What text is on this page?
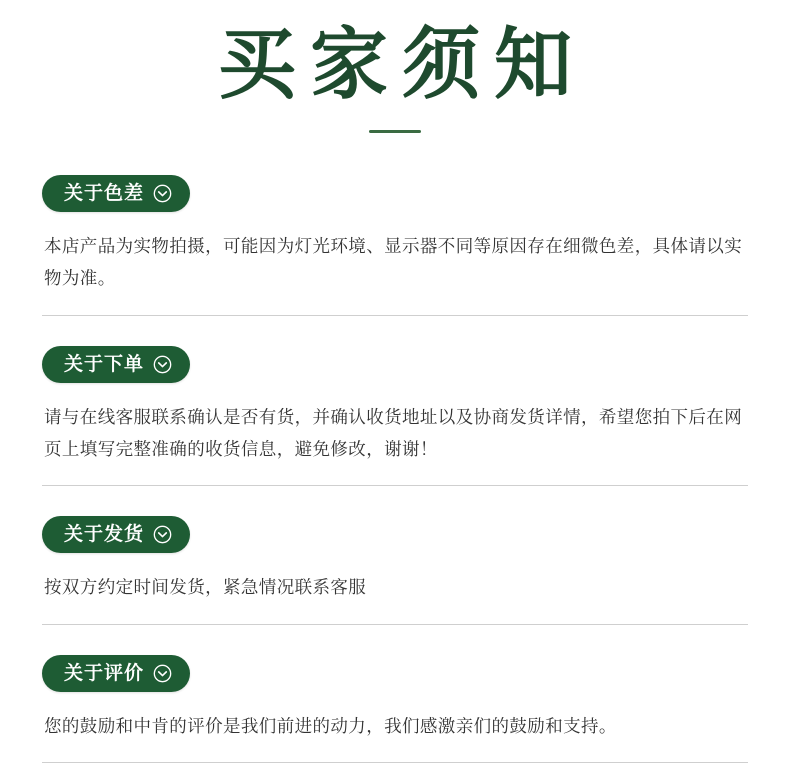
买家须知
关于色差

本店产品为实物拍摄，可能因为灯光环境、显示器不同等原因存在细微色差，具体请以实物为准。

关于下单

请与在线客服联系确认是否有货，并确认收货地址以及协商发货详情，希望您拍下后在网页上填写完整准确的收货信息，避免修改，谢谢！

关于发货

按双方约定时间发货，紧急情况联系客服

关于评价

您的鼓励和中肯的评价是我们前进的动力，我们感激亲们的鼓励和支持。
